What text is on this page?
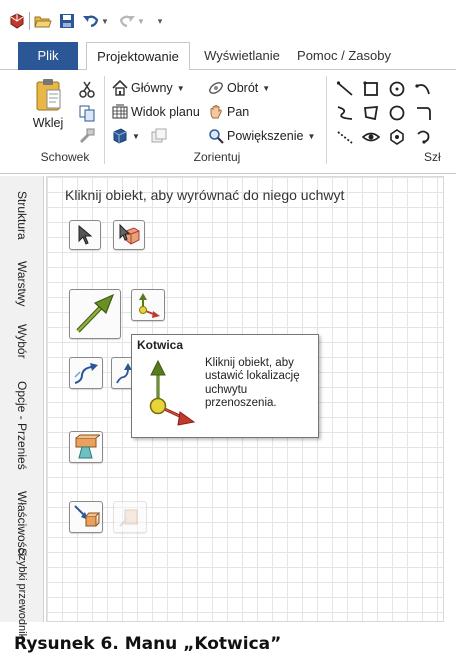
▼	▼ ▾
Plik	Projektowanie	Wyświetlanie	Pomoc / Zasoby
Wklej
Schowek
Główny ▼
Widok planu
▼
Obrót ▼
Pan
Powiększenie ▼
Zorientuj	Szł
Struktura
Warstwy
Wybór
Opcje - Przenieś
Właściwości
Szybki przewodnik
Kliknij obiekt, aby wyrównać do niego uchwyt
Kotwica
Kliknij obiekt, aby ustawić lokalizację uchwytu przenoszenia.
Rysunek 6. Manu „Kotwica”
